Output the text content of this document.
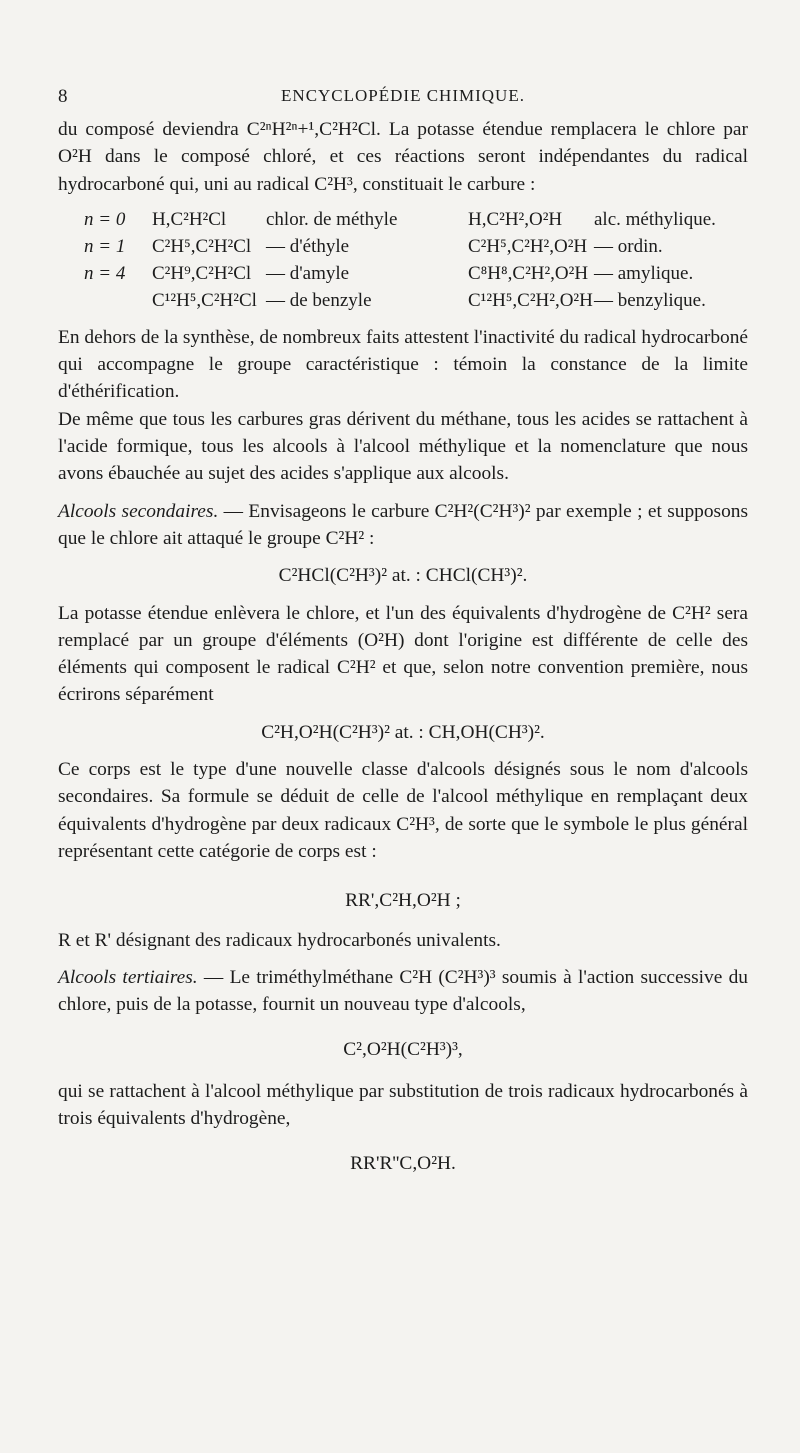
8	ENCYCLOPÉDIE CHIMIQUE.

du composé deviendra C²ⁿH²ⁿ+¹,C²H²Cl. La potasse étendue remplacera le chlore par O²H dans le composé chloré, et ces réactions seront indépendantes du radical hydrocarboné qui, uni au radical C²H³, constituait le carbure :

n = 0 H,C²H²Cl chlor. de méthyle	H,C²H²,O²H alc. méthylique.
n = 1 C²H⁵,C²H²Cl — d'éthyle	C²H⁵,C²H²,O²H — ordin.
n = 4 C²H⁹,C²H²Cl — d'amyle	C⁸H⁸,C²H²,O²H — amylique.
C¹²H⁵,C²H²Cl — de benzyle	C¹²H⁵,C²H²,O²H — benzylique.

En dehors de la synthèse, de nombreux faits attestent l'inactivité du radical hydrocarboné qui accompagne le groupe caractéristique : témoin la constance de la limite d'éthérification.

De même que tous les carbures gras dérivent du méthane, tous les acides se rattachent à l'acide formique, tous les alcools à l'alcool méthylique et la nomenclature que nous avons ébauchée au sujet des acides s'applique aux alcools.

Alcools secondaires. — Envisageons le carbure C²H²(C²H³)² par exemple ; et supposons que le chlore ait attaqué le groupe C²H² :

C²HCl(C²H³)² at. : CHCl(CH³)².

La potasse étendue enlèvera le chlore, et l'un des équivalents d'hydrogène de C²H² sera remplacé par un groupe d'éléments (O²H) dont l'origine est différente de celle des éléments qui composent le radical C²H² et que, selon notre convention première, nous écrirons séparément

C²H,O²H(C²H³)² at. : CH,OH(CH³)².

Ce corps est le type d'une nouvelle classe d'alcools désignés sous le nom d'alcools secondaires. Sa formule se déduit de celle de l'alcool méthylique en remplaçant deux équivalents d'hydrogène par deux radicaux C²H³, de sorte que le symbole le plus général représentant cette catégorie de corps est :

RR',C²H,O²H ;

R et R' désignant des radicaux hydrocarbonés univalents.

Alcools tertiaires. — Le triméthylméthane C²H (C²H³)³ soumis à l'action successive du chlore, puis de la potasse, fournit un nouveau type d'alcools,

C²,O²H(C²H³)³,

qui se rattachent à l'alcool méthylique par substitution de trois radicaux hydrocarbonés à trois équivalents d'hydrogène,

RR'R''C,O²H.
